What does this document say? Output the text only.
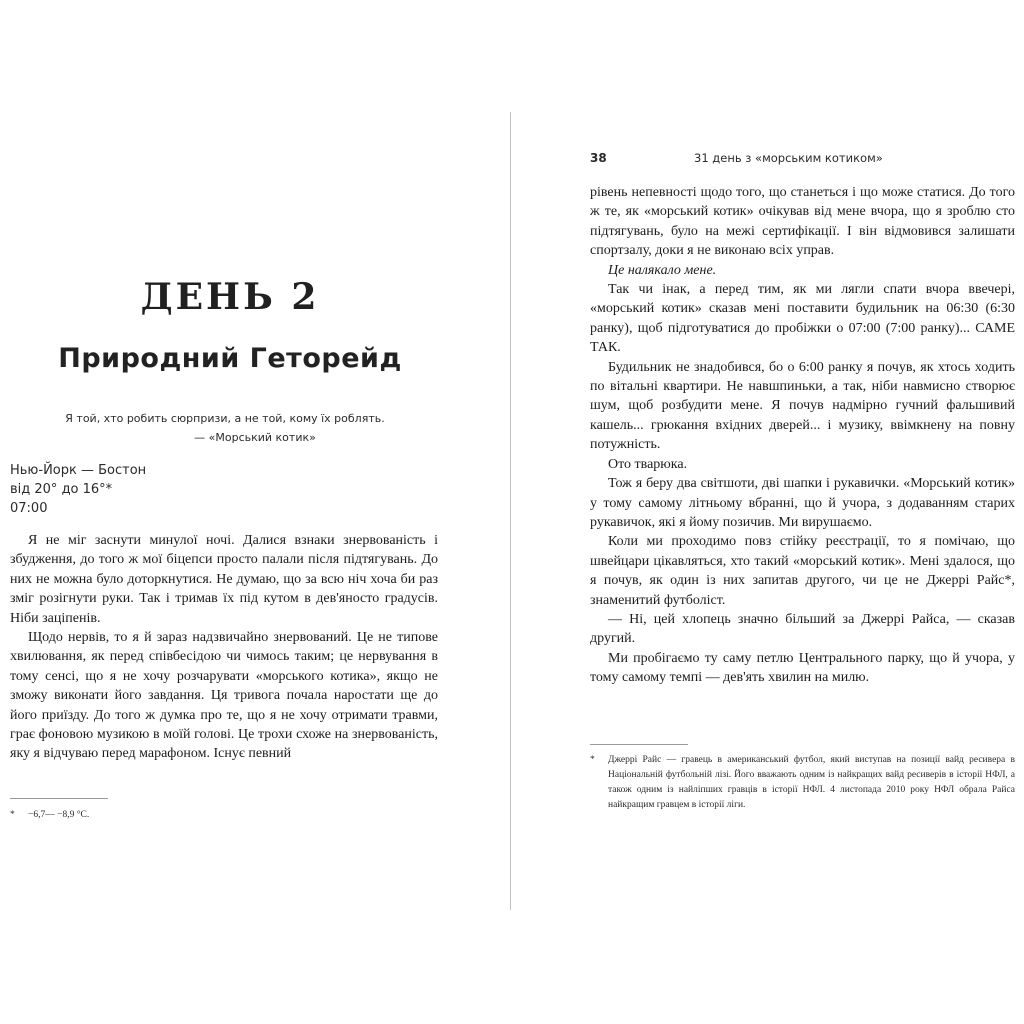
ДЕНЬ 2
Природний Геторейд
Я той, хто робить сюрпризи, а не той, кому їх роблять.
— «Морський котик»
Нью-Йорк — Бостон
від 20° до 16°*
07:00

Я не міг заснути минулої ночі. Далися взнаки знервованість і збудження, до того ж мої біцепси просто палали після підтягувань. До них не можна було доторкнутися. Не думаю, що за всю ніч хоча би раз зміг розігнути руки. Так і тримав їх під кутом в дев'яносто градусів. Ніби заціпенів.

Щодо нервів, то я й зараз надзвичайно знервований. Це не типове хвилювання, як перед співбесідою чи чимось таким; це нервування в тому сенсі, що я не хочу розчарувати «морського котика», якщо не зможу виконати його завдання. Ця тривога почала наростати ще до його приїзду. До того ж думка про те, що я не хочу отримати травми, грає фоновою музикою в моїй голові. Це трохи схоже на знервованість, яку я відчуваю перед марафоном. Існує певний

*	−6,7— −8,9 °С.
38	31 день з «морським котиком»

рівень непевності щодо того, що станеться і що може статися. До того ж те, як «морський котик» очікував від мене вчора, що я зроблю сто підтягувань, було на межі сертифікації. І він відмовився залишати спортзалу, доки я не виконаю всіх управ.

Це налякало мене.

Так чи інак, а перед тим, як ми лягли спати вчора ввечері, «морський котик» сказав мені поставити будильник на 06:30 (6:30 ранку), щоб підготуватися до пробіжки о 07:00 (7:00 ранку)... САМЕ ТАК.

Будильник не знадобився, бо о 6:00 ранку я почув, як хтось ходить по вітальні квартири. Не навшпиньки, а так, ніби навмисно створює шум, щоб розбудити мене. Я почув надмірно гучний фальшивий кашель... грюкання вхідних дверей... і музику, ввімкнену на повну потужність.

Ото тварюка.

Тож я беру два світшоти, дві шапки і рукавички. «Морський котик» у тому самому літньому вбранні, що й учора, з додаванням старих рукавичок, які я йому позичив. Ми вирушаємо.

Коли ми проходимо повз стійку реєстрації, то я помічаю, що швейцари цікавляться, хто такий «морський котик». Мені здалося, що я почув, як один із них запитав другого, чи це не Джеррі Райс*, знаменитий футболіст.

— Ні, цей хлопець значно більший за Джеррі Райса, — сказав другий.

Ми пробігаємо ту саму петлю Центрального парку, що й учора, у тому самому темпі — дев'ять хвилин на милю.

*	Джеррі Райс — гравець в американський футбол, який виступав на позиції вайд ресивера в Національній футбольній лізі. Його вважають одним із найкращих вайд ресиверів в історії НФЛ, а також одним із найліпших гравців в історії НФЛ. 4 листопада 2010 року НФЛ обрала Райса найкращим гравцем в історії ліги.
